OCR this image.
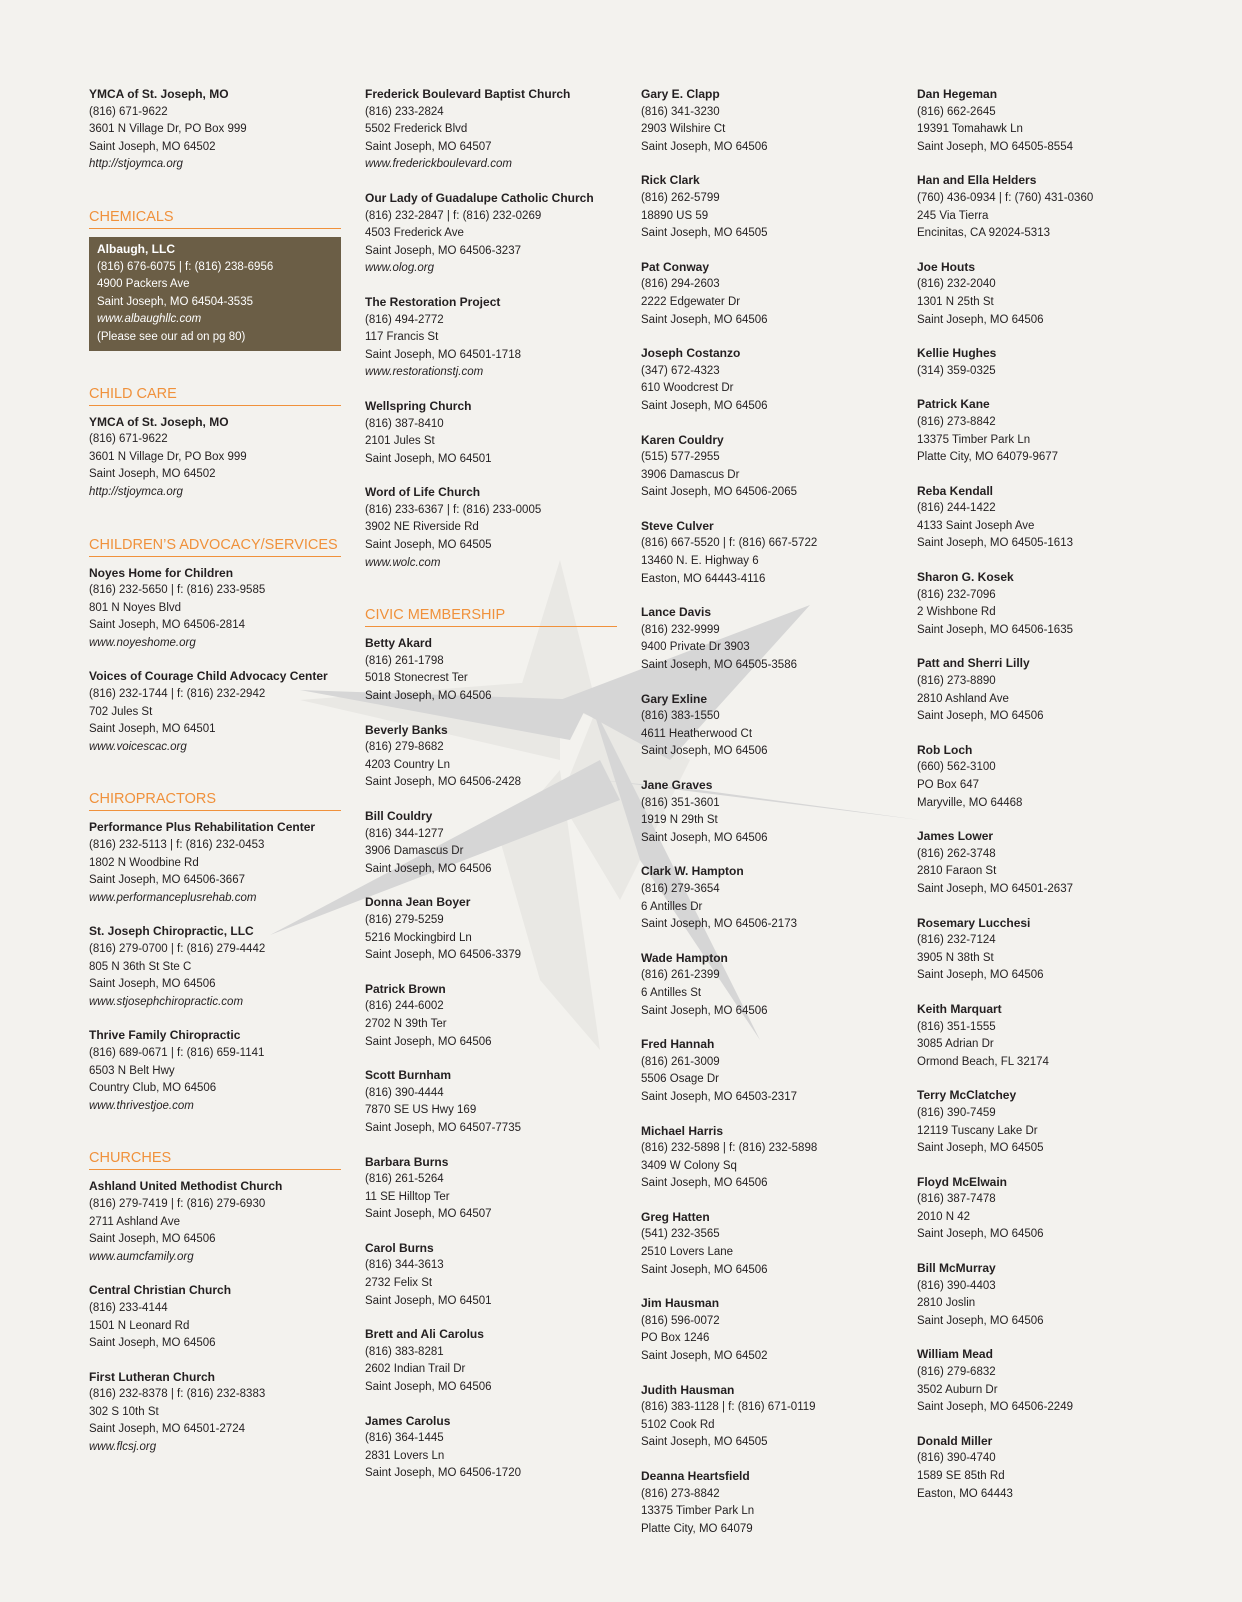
YMCA of St. Joseph, MO
(816) 671-9622
3601 N Village Dr, PO Box 999
Saint Joseph, MO 64502
http://stjoymca.org
CHEMICALS
Albaugh, LLC
(816) 676-6075 | f: (816) 238-6956
4900 Packers Ave
Saint Joseph, MO 64504-3535
www.albaughllc.com
(Please see our ad on pg 80)
CHILD CARE
YMCA of St. Joseph, MO
(816) 671-9622
3601 N Village Dr, PO Box 999
Saint Joseph, MO 64502
http://stjoymca.org
CHILDREN’S ADVOCACY/SERVICES
Noyes Home for Children
(816) 232-5650 | f: (816) 233-9585
801 N Noyes Blvd
Saint Joseph, MO 64506-2814
www.noyeshome.org
Voices of Courage Child Advocacy Center
(816) 232-1744 | f: (816) 232-2942
702 Jules St
Saint Joseph, MO 64501
www.voicescac.org
CHIROPRACTORS
Performance Plus Rehabilitation Center
(816) 232-5113 | f: (816) 232-0453
1802 N Woodbine Rd
Saint Joseph, MO 64506-3667
www.performanceplusrehab.com
St. Joseph Chiropractic, LLC
(816) 279-0700 | f: (816) 279-4442
805 N 36th St Ste C
Saint Joseph, MO 64506
www.stjosephchiropractic.com
Thrive Family Chiropractic
(816) 689-0671 | f: (816) 659-1141
6503 N Belt Hwy
Country Club, MO 64506
www.thrivestjoe.com
CHURCHES
Ashland United Methodist Church
(816) 279-7419 | f: (816) 279-6930
2711 Ashland Ave
Saint Joseph, MO 64506
www.aumcfamily.org
Central Christian Church
(816) 233-4144
1501 N Leonard Rd
Saint Joseph, MO 64506
First Lutheran Church
(816) 232-8378 | f: (816) 232-8383
302 S 10th St
Saint Joseph, MO 64501-2724
www.flcsj.org
Frederick Boulevard Baptist Church
(816) 233-2824
5502 Frederick Blvd
Saint Joseph, MO 64507
www.frederickboulevard.com
Our Lady of Guadalupe Catholic Church
(816) 232-2847 | f: (816) 232-0269
4503 Frederick Ave
Saint Joseph, MO 64506-3237
www.olog.org
The Restoration Project
(816) 494-2772
117 Francis St
Saint Joseph, MO 64501-1718
www.restorationstj.com
Wellspring Church
(816) 387-8410
2101 Jules St
Saint Joseph, MO 64501
Word of Life Church
(816) 233-6367 | f: (816) 233-0005
3902 NE Riverside Rd
Saint Joseph, MO 64505
www.wolc.com
CIVIC MEMBERSHIP
Betty Akard
(816) 261-1798
5018 Stonecrest Ter
Saint Joseph, MO 64506
Beverly Banks
(816) 279-8682
4203 Country Ln
Saint Joseph, MO 64506-2428
Bill Couldry
(816) 344-1277
3906 Damascus Dr
Saint Joseph, MO 64506
Donna Jean Boyer
(816) 279-5259
5216 Mockingbird Ln
Saint Joseph, MO 64506-3379
Patrick Brown
(816) 244-6002
2702 N 39th Ter
Saint Joseph, MO 64506
Scott Burnham
(816) 390-4444
7870 SE US Hwy 169
Saint Joseph, MO 64507-7735
Barbara Burns
(816) 261-5264
11 SE Hilltop Ter
Saint Joseph, MO 64507
Carol Burns
(816) 344-3613
2732 Felix St
Saint Joseph, MO 64501
Brett and Ali Carolus
(816) 383-8281
2602 Indian Trail Dr
Saint Joseph, MO 64506
James Carolus
(816) 364-1445
2831 Lovers Ln
Saint Joseph, MO 64506-1720
Gary E. Clapp
(816) 341-3230
2903 Wilshire Ct
Saint Joseph, MO 64506
Rick Clark
(816) 262-5799
18890 US 59
Saint Joseph, MO 64505
Pat Conway
(816) 294-2603
2222 Edgewater Dr
Saint Joseph, MO 64506
Joseph Costanzo
(347) 672-4323
610 Woodcrest Dr
Saint Joseph, MO 64506
Karen Couldry
(515) 577-2955
3906 Damascus Dr
Saint Joseph, MO 64506-2065
Steve Culver
(816) 667-5520 | f: (816) 667-5722
13460 N. E. Highway 6
Easton, MO 64443-4116
Lance Davis
(816) 232-9999
9400 Private Dr 3903
Saint Joseph, MO 64505-3586
Gary Exline
(816) 383-1550
4611 Heatherwood Ct
Saint Joseph, MO 64506
Jane Graves
(816) 351-3601
1919 N 29th St
Saint Joseph, MO 64506
Clark W. Hampton
(816) 279-3654
6 Antilles Dr
Saint Joseph, MO 64506-2173
Wade Hampton
(816) 261-2399
6 Antilles St
Saint Joseph, MO 64506
Fred Hannah
(816) 261-3009
5506 Osage Dr
Saint Joseph, MO 64503-2317
Michael Harris
(816) 232-5898 | f: (816) 232-5898
3409 W Colony Sq
Saint Joseph, MO 64506
Greg Hatten
(541) 232-3565
2510 Lovers Lane
Saint Joseph, MO 64506
Jim Hausman
(816) 596-0072
PO Box 1246
Saint Joseph, MO 64502
Judith Hausman
(816) 383-1128 | f: (816) 671-0119
5102 Cook Rd
Saint Joseph, MO 64505
Deanna Heartsfield
(816) 273-8842
13375 Timber Park Ln
Platte City, MO 64079
Dan Hegeman
(816) 662-2645
19391 Tomahawk Ln
Saint Joseph, MO 64505-8554
Han and Ella Helders
(760) 436-0934 | f: (760) 431-0360
245 Via Tierra
Encinitas, CA 92024-5313
Joe Houts
(816) 232-2040
1301 N 25th St
Saint Joseph, MO 64506
Kellie Hughes
(314) 359-0325
Patrick Kane
(816) 273-8842
13375 Timber Park Ln
Platte City, MO 64079-9677
Reba Kendall
(816) 244-1422
4133 Saint Joseph Ave
Saint Joseph, MO 64505-1613
Sharon G. Kosek
(816) 232-7096
2 Wishbone Rd
Saint Joseph, MO 64506-1635
Patt and Sherri Lilly
(816) 273-8890
2810 Ashland Ave
Saint Joseph, MO 64506
Rob Loch
(660) 562-3100
PO Box 647
Maryville, MO 64468
James Lower
(816) 262-3748
2810 Faraon St
Saint Joseph, MO 64501-2637
Rosemary Lucchesi
(816) 232-7124
3905 N 38th St
Saint Joseph, MO 64506
Keith Marquart
(816) 351-1555
3085 Adrian Dr
Ormond Beach, FL 32174
Terry McClatchey
(816) 390-7459
12119 Tuscany Lake Dr
Saint Joseph, MO 64505
Floyd McElwain
(816) 387-7478
2010 N 42
Saint Joseph, MO 64506
Bill McMurray
(816) 390-4403
2810 Joslin
Saint Joseph, MO 64506
William Mead
(816) 279-6832
3502 Auburn Dr
Saint Joseph, MO 64506-2249
Donald Miller
(816) 390-4740
1589 SE 85th Rd
Easton, MO 64443
